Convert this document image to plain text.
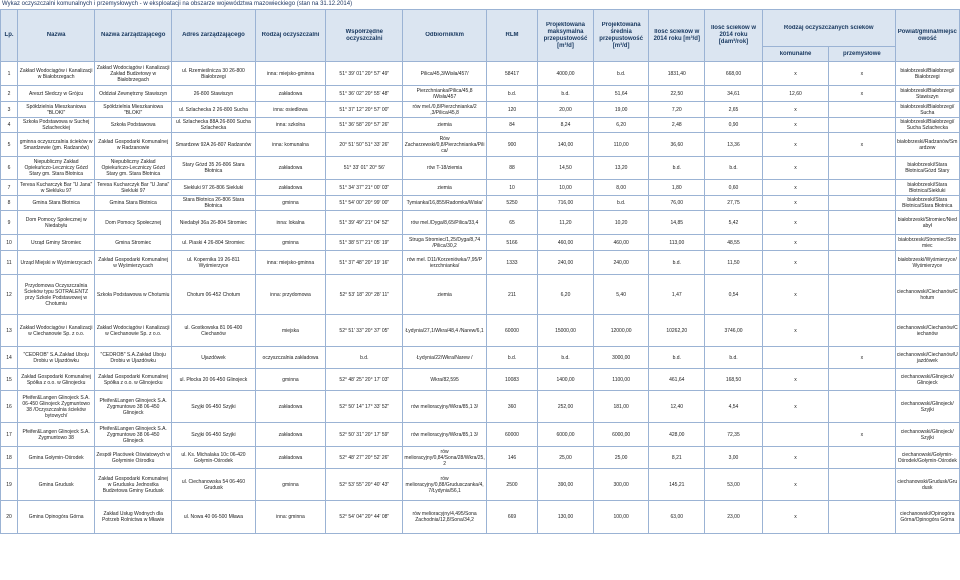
Wykaz oczyszczalni komunalnych i przemysłowych - w eksploatacji na obszarze województwa mazowieckiego (stan na 31.12.2014)
Lp.	Nazwa	Nazwa zarządzającego	Adres zarządzającego	Rodzaj oczyszczalni	Współrzędne oczyszczalni	Odbiornik/km	RLM	Projektowana maksymalna przepustowość [m³/d]	Projektowana średnia przepustowość [m³/d]	Ilość ścieków w 2014 roku [m³/d]	Ilość ścieków w 2014 roku [dam³/rok]	Rodzaj oczyszczanych ścieków		Powiat/gmina/miejscowość

												komunalne	przemysłowe	

1	Zakład Wodociągów i Kanalizacji w Białobrzegach	Zakład Wodociągów i Kanalizacji Zakład Budżetowy w Białobrzegach	ul. Rzemieślnicza 30 26-800 Białobrzegi	inna: miejsko-gminna	51° 39' 01" 20° 57' 49"	Pilica/45,3/Wisła/457/	58417	4000,00	b.d.	1831,40	668,00	x	x	białobrzeski/Białobrzegi/ Białobrzegi

2	Areszt Śledczy w Grójcu	Oddział Zewnętrzny Stawiszyn	26-800 Stawiszyn	zakładowa	51° 36' 02" 20° 55' 48"	Pierzchnianka/Pilica/45,8 /Wisła/457	b.d.	b.d.	51,64	22,50	34,61	12,60	x	białobrzeski/Białobrzegi/ Stawiszyn

3	Spółdzielnia Mieszkaniowa "BLOKI"	Spółdzielnia Mieszkaniowa "BLOKI"	ul. Szlachecka 2 26-800 Sucha	inna: osiedlowa	51° 37' 12" 20° 57' 00"	rów mel./0,8/Pierzchnianka/2 ,3/Pilica/45,8	120	20,00	19,00	7,20	2,65	x		białobrzeski/Białobrzegi/ Sucha

4	Szkoła Podstawowa w Suchej Szlacheckiej	Szkoła Podstawowa	ul. Szlachecka 88A 26-800 Sucha Szlachecka	inna: szkolna	51° 36' 58" 20° 57' 26"	ziemia	84	8,24	6,20	2,48	0,90	x		białobrzeski/Białobrzegi/ Sucha Szlachecka

5	gminna oczyszczalnia ścieków w Smardzewie (gm. Radzanów)	Zakład Gospodarki Komunalnej w Radzanowie	Smardzew 92A 26-807 Radzanów	inna: komunalna	20° 51' 50" 51° 33' 26"	Rów Zacharzewski/0,8/Pierzchnianka/Pilica/	900	140,00	110,00	36,60	13,36	x	x	białobrzeski/Radzanów/Smardzew

6	Niepubliczny Zakład Opiekuńczo-Leczniczy Gózd Stary gm. Stara Błotnica	Niepubliczny Zakład Opiekuńczo-Leczniczy Gózd Stary gm. Stara Błotnica	Stary Gózd 35 26-806 Stara Błotnica	zakładowa	51° 33' 01" 20° 56'	rów T-18/ziemia	88	14,50	13,20	b.d.	b.d.	x		białobrzeski/Stara Błotnica/Gózd Stary

7	Teresa Kucharczyk Bar "U Jana" w Siekluku 97	Teresa Kucharczyk Bar "U Jana" Siekluki 97	Siekluki 97 26-806 Siekluki	zakładowa	51° 34' 37" 21° 00' 03"	ziemia	10	10,00	8,00	1,80	0,60	x		białobrzeski/Stara Błotnica/Siekluki

8	Gmina Stara Błotnica	Gmina Stara Błotnica	Stara Błotnica 26-806 Stara Błotnica	gminna	51° 54' 00" 20° 99' 00"	Tymianka/16,855/Radomka/Wisła/	5250	716,00	b.d.	76,00	27,75	x		białobrzeski/Stara Błotnica/Stara Błotnica

9	Dom Pomocy Społecznej w Niedabyłu	Dom Pomocy Społecznej	Niedabył 36a 26-804 Stromiec	inna: lokalna	51° 39' 49" 21° 04' 52"	rów mel./Dyga/8,65/Pilica/33,4	65	11,20	10,20	14,85	5,42	x		białobrzeski/Stromiec/Niedabył

10	Urząd Gminy Stromiec	Gmina Stromiec	ul. Piaski 4 26-804 Stromiec	gminna	51° 38' 57" 21° 05' 19"	Struga Stromiec/1,25/Dyga/8,74 /Pilica/30,2	5166	460,00	460,00	113,00	48,55	x		białobrzeski/Stromiec/Stromiec

11	Urząd Miejski w Wyśmierzycach	Zakład Gospodarki Komunalnej w Wyśmierzycach	ul. Kopernika 19 26-811 Wyśmierzyce	inna: miejsko-gminna	51° 37' 48" 20° 19' 16"	rów mel. D11/Korzeniówka/7,95/P ierzchnianka/	1333	240,00	240,00	b.d.	11,50	x		białobrzeski/Wyśmierzyce/Wyśmierzyce

12	Przydomowa Oczyszczalnia Ścieków typu SOTRALENTZ przy Szkole Podstawowej w Chotumiu	Szkoła Podstawowa w Chotumiu	Chotum 06-452 Chotum	inna: przydomowa	52° 53' 18" 20° 28' 11"	ziemia	211	6,20	5,40	1,47	0,54	x		ciechanowski/Ciechanów/Chotum

13	Zakład Wodociągów i Kanalizacji w Ciechanowie Sp. z o.o.	Zakład Wodociągów i Kanalizacji w Ciechanowie Sp. z o.o.	ul. Gostkowska 81 06-400 Ciechanów	miejska	52° 51' 33" 20° 37' 05"	Łydynia/27,1/Wkra/48,4 /Narew/6,1	60000	15000,00	12000,00	10262,20	3746,00	x		ciechanowski/Ciechanów/Ciechanów

14	"CEDROB" S.A.Zakład Uboju Drobiu w Ujazdówku	"CEDROB" S.A.Zakład Uboju Drobiu w Ujazdówku	Ujazdówek	oczyszczalnia zakładowa	b.d.	Łydynia/22/Wkra/Narew /	b.d.	b.d.	3000,00	b.d.	b.d.		x	ciechanowski/Ciechanów/Ujazdówek

15	Zakład Gospodarki Komunalnej Spółka z o.o. w Glinojecku	Zakład Gospodarki Komunalnej Spółka z o.o. w Glinojecku	ul. Płocka 20 06-450 Glinojeck	gminna	52° 48' 25" 20° 17' 03"	Wkra/82,595	10083	1400,00	1100,00	461,64	168,50	x		ciechanowski/Glinojeck/ Glinojeck

16	Pfeifer&Langen Glinojeck S.A. 06-450 Glinojeck Zygmuntowo 38 /Oczyszczalnia ścieków bytowych/	Pfeifer&Langen Glinojeck S.A. Zygmuntowo 38 06-450 Glinojeck	Szyjki 06-450 Szyjki	zakładowa	52° 50' 14" 17° 33' 52"	rów melioracyjny/Wkra/85,1 3/	360	252,00	181,00	12,40	4,54	x		ciechanowski/Glinojeck/ Szyjki

17	Pfeifer&Langen Glinojeck S.A. Zygmuntowo 38	Pfeifer&Langen Glinojeck S.A. Zygmuntowo 38 06-450 Glinojeck	Szyjki 06-450 Szyjki	zakładowa	52° 50' 31" 20° 17' 59"	rów melioracyjny/Wkra/85,1 3/	60000	6000,00	6000,00	428,00	72,35		x	ciechanowski/Glinojeck/ Szyjki

18	Gmina Gołymin-Ośrodek	Zespół Placówek Oświatowych w Gołyminie Ośrodku	ul. Ks. Michalaka 10c 06-420 Gołymin-Ośrodek	zakładowa	52° 48' 27" 20° 52' 26"	rów melioracyjny/0,84/Sona/28/Wkra/25,2	146	25,00	25,00	8,21	3,00	x		ciechanowski/Gołymin-Ośrodek/Gołymin-Ośrodek

19	Gmina Grudusk	Zakład Gospodarki Komunalnej w Grudusku Jednostka Budżetowa Gminy Grudusk	ul. Ciechanowska 54 06-460 Grudusk	gminna	52° 53' 55" 20° 40' 43"	rów melioracyjny/0,88/Grudusczanka/4,7/Łydynia/56,1	2500	390,00	300,00	145,21	53,00	x		ciechanowski/Grudusk/Grudusk

20	Gmina Opinogóra Górna	Zakład Usług Wodnych dla Potrzeb Rolnictwa w Mławie	ul. Nowa 40 06-500 Mława	inna: gminna	52° 54' 04" 20° 44' 08"	rów melioracyjny/4,495/Sona Zachodnia/12,8/Sona/34,2	669	130,00	100,00	63,00	23,00	x		ciechanowski/Opinogóra Górna/Opinogóra Górna
